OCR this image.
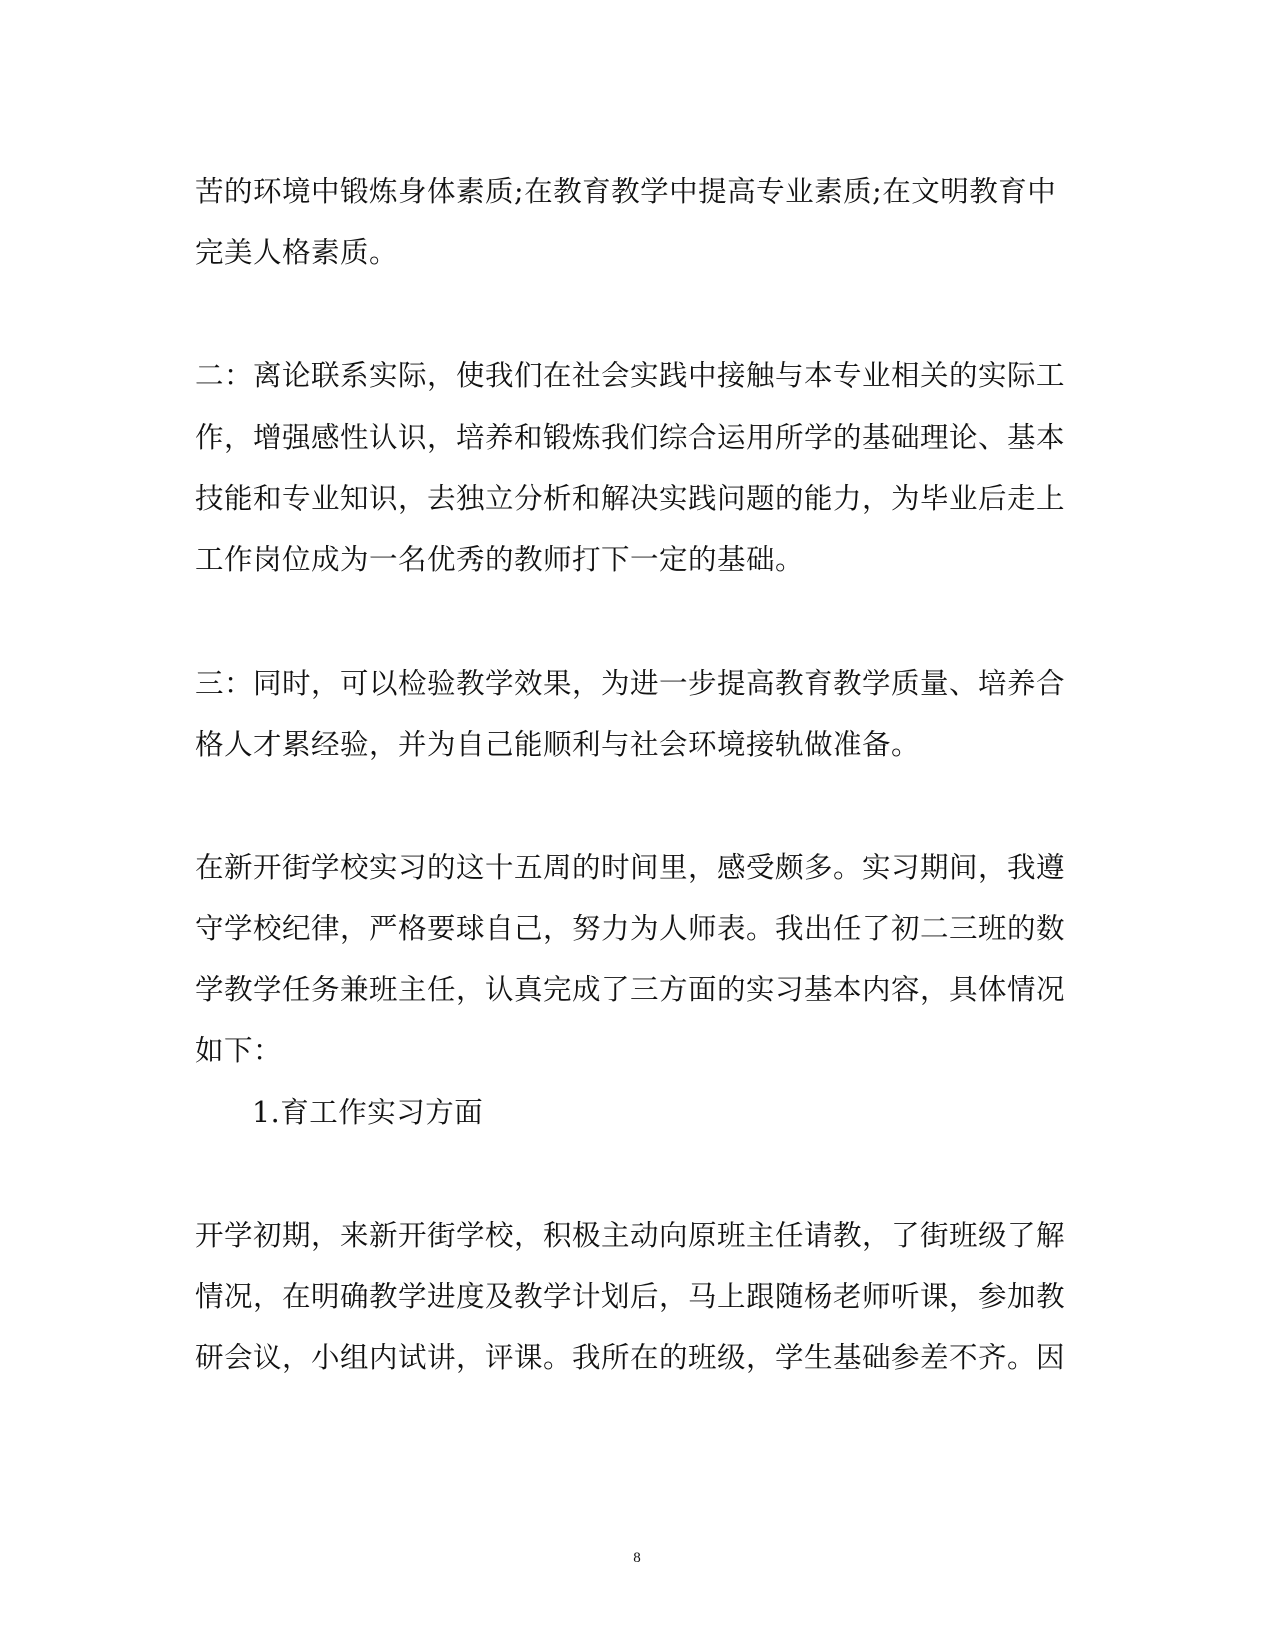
苦的环境中锻炼身体素质;在教育教学中提高专业素质;在文明教育中
完美人格素质。
二：离论联系实际，使我们在社会实践中接触与本专业相关的实际工
作，增强感性认识，培养和锻炼我们综合运用所学的基础理论、基本
技能和专业知识，去独立分析和解决实践问题的能力，为毕业后走上
工作岗位成为一名优秀的教师打下一定的基础。
三：同时，可以检验教学效果，为进一步提高教育教学质量、培养合
格人才累经验，并为自己能顺利与社会环境接轨做准备。
在新开街学校实习的这十五周的时间里，感受颇多。实习期间，我遵
守学校纪律，严格要球自己，努力为人师表。我出任了初二三班的数
学教学任务兼班主任，认真完成了三方面的实习基本内容，具体情况
如下：
1.育工作实习方面
开学初期，来新开街学校，积极主动向原班主任请教，了街班级了解
情况，在明确教学进度及教学计划后，马上跟随杨老师听课，参加教
研会议，小组内试讲，评课。我所在的班级，学生基础参差不齐。因
8
